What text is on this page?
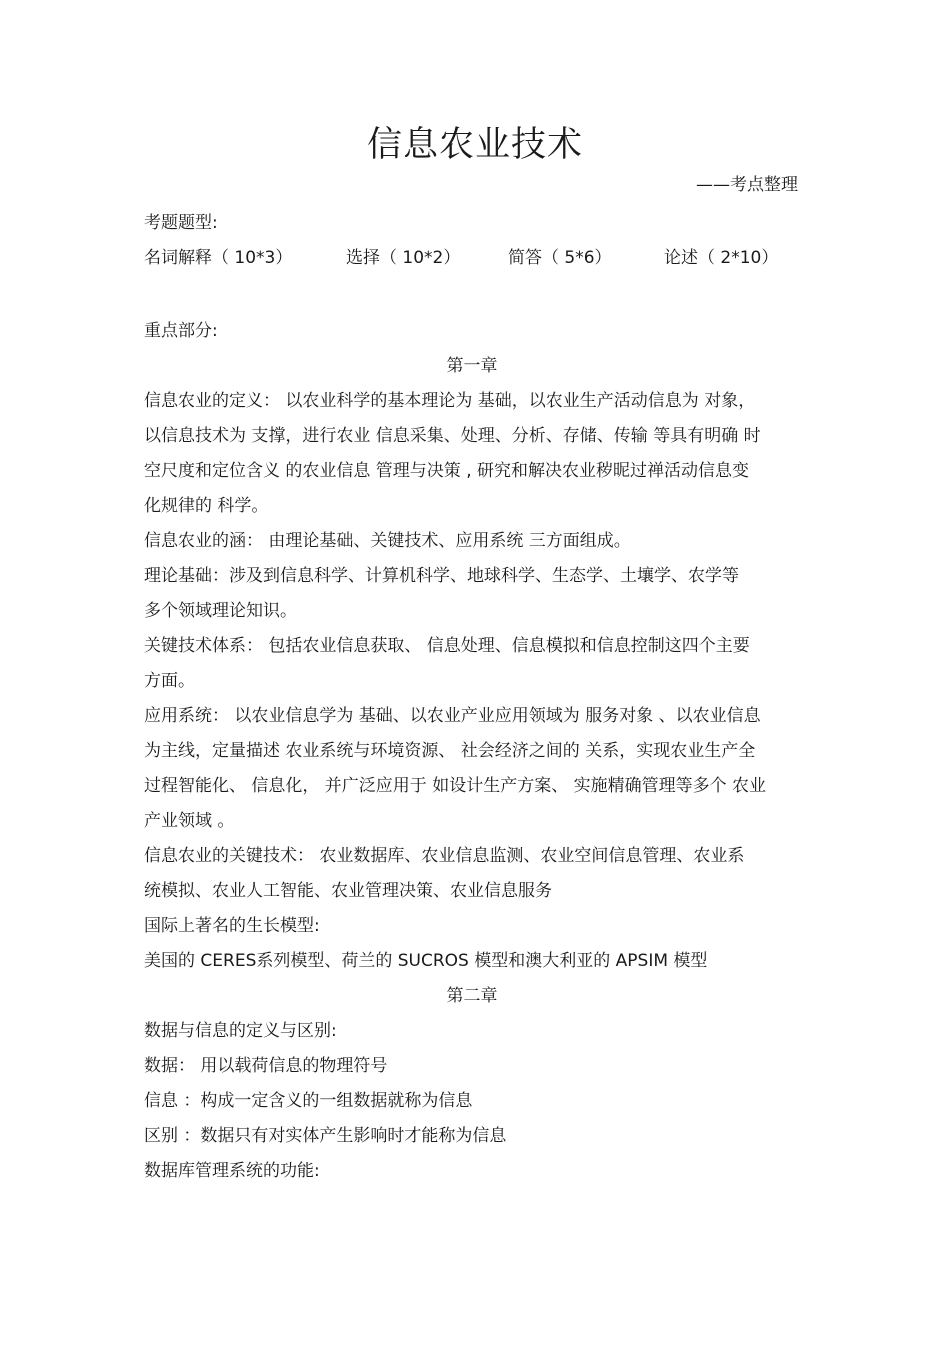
信息农业技术
——考点整理
考题题型:
名词解释（ 10*3）	选择（ 10*2）	简答（ 5*6）	论述（ 2*10）
重点部分:
第一章
信息农业的定义： 以农业科学的基本理论为 基础，以农业生产活动信息为 对象，
以信息技术为 支撑，进行农业 信息采集、处理、分析、存储、传输 等具有明确 时
空尺度和定位含义 的农业信息 管理与决策 , 研究和解决农业秽昵过禅活动信息变
化规律的 科学。
信息农业的涵： 由理论基础、关键技术、应用系统 三方面组成。
理论基础：涉及到信息科学、计算机科学、地球科学、生态学、土壤学、农学等
多个领域理论知识。
关键技术体系： 包括农业信息获取、 信息处理、信息模拟和信息控制这四个主要
方面。
应用系统： 以农业信息学为 基础、以农业产业应用领域为 服务对象 、以农业信息
为主线，定量描述 农业系统与环境资源、 社会经济之间的 关系，实现农业生产全
过程智能化、 信息化， 并广泛应用于 如设计生产方案、 实施精确管理等多个 农业
产业领域 。
信息农业的关键技术： 农业数据库、农业信息监测、农业空间信息管理、农业系
统模拟、农业人工智能、农业管理决策、农业信息服务
国际上著名的生长模型:
美国的 CERES系列模型、荷兰的 SUCROS 模型和澳大利亚的 APSIM 模型
第二章
数据与信息的定义与区别:
数据： 用以载荷信息的物理符号
信息 ：构成一定含义的一组数据就称为信息
区别 ：数据只有对实体产生影响时才能称为信息
数据库管理系统的功能:
